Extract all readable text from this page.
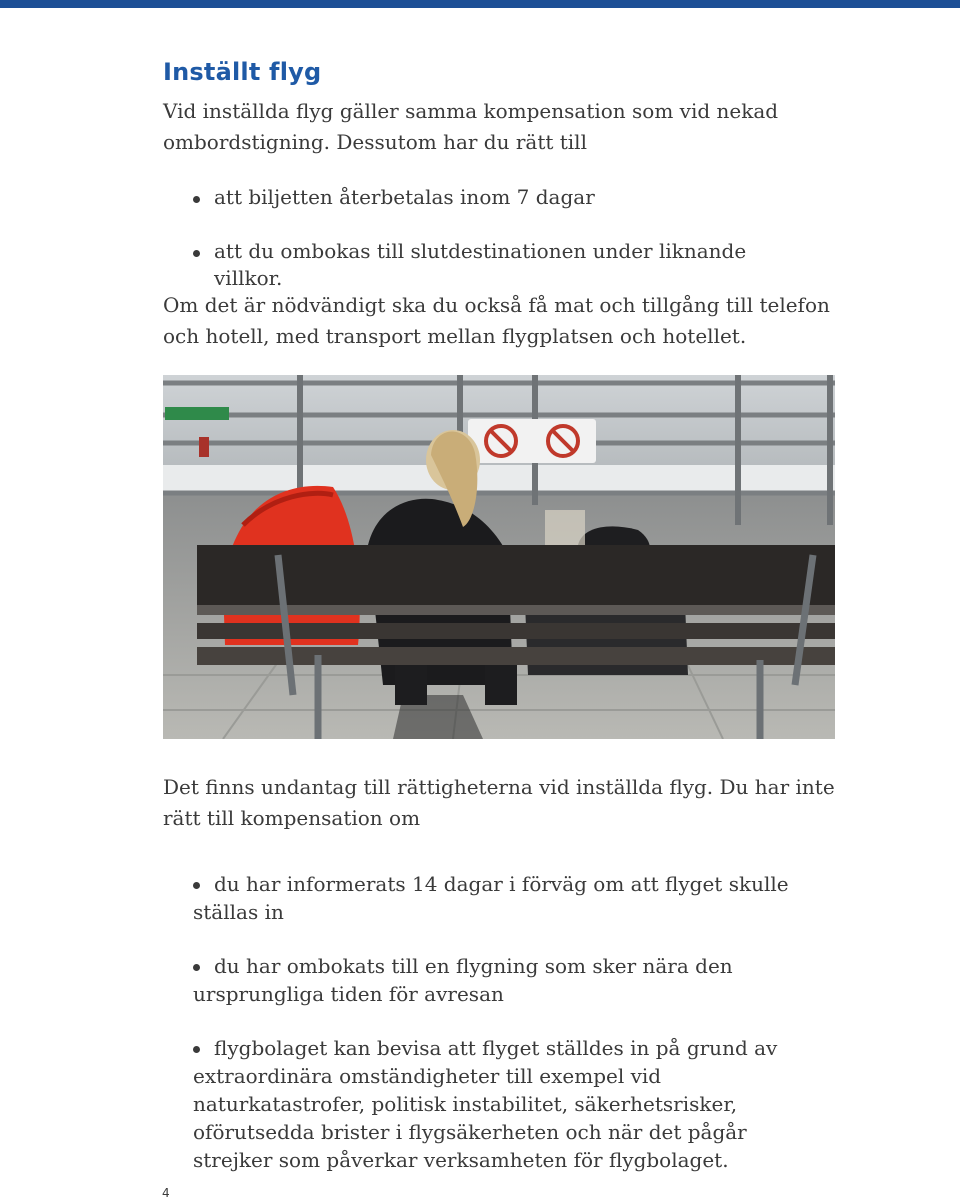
Inställt flyg

Vid inställda flyg gäller samma kompensation som vid nekad ombordstigning. Dessutom har du rätt till

att biljetten återbetalas inom 7 dagar
att du ombokas till slutdestinationen under liknande villkor.

Om det är nödvändigt ska du också få mat och tillgång till telefon och hotell, med transport mellan flygplatsen och hotellet.

Det finns undantag till rättigheterna vid inställda flyg. Du har inte rätt till kompensation om

du har informerats 14 dagar i förväg om att flyget skulle ställas in
du har ombokats till en flygning som sker nära den ursprungliga tiden för avresan
flygbolaget kan bevisa att flyget ställdes in på grund av extraordinära omständigheter till exempel vid naturkatastrofer, politisk instabilitet, säkerhetsrisker, oförutsedda brister i flygsäkerheten och när det pågår strejker som påverkar verksamheten för flygbolaget.

4
